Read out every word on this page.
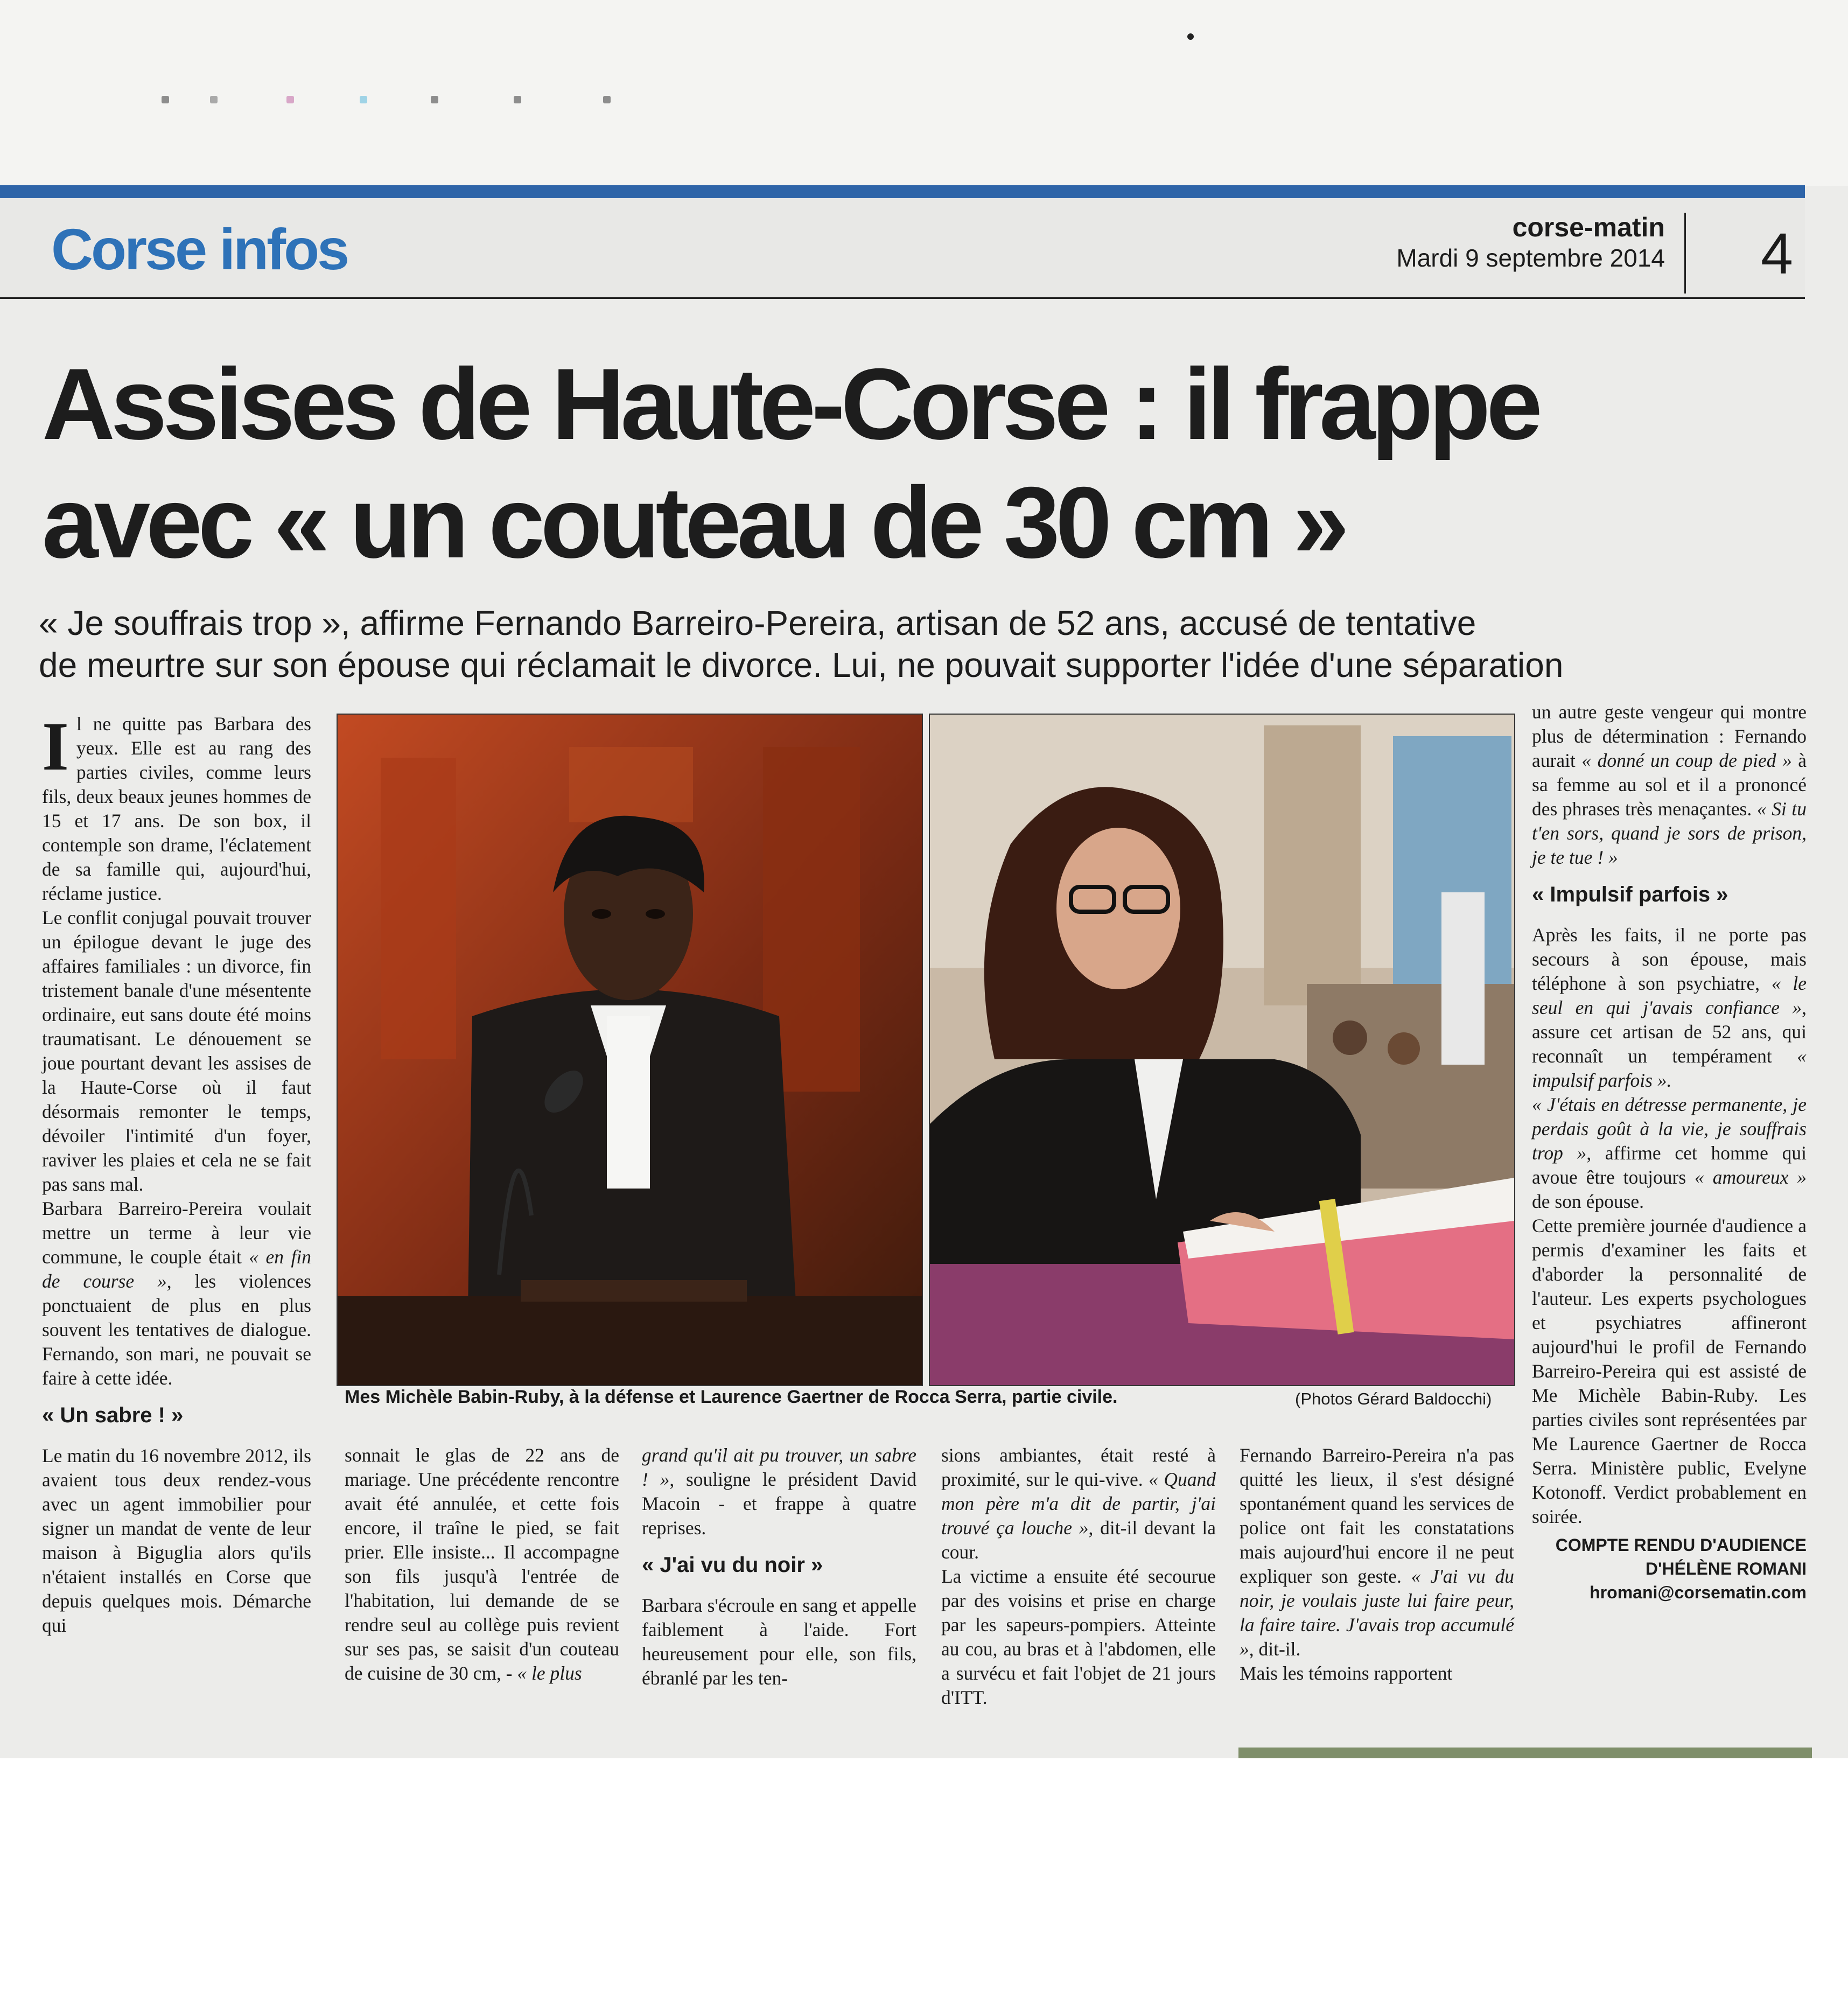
Corse infos	corse-matin
Mardi 9 septembre 2014 4
Assises de Haute-Corse : il frappe
avec « un couteau de 30 cm »
« Je souffrais trop », affirme Fernando Barreiro-Pereira, artisan de 52 ans, accusé de tentative
de meurtre sur son épouse qui réclamait le divorce. Lui, ne pouvait supporter l'idée d'une séparation

Il ne quitte pas Barbara des yeux. Elle est au rang des parties civiles, comme leurs fils, deux beaux jeunes hommes de 15 et 17 ans. De son box, il contemple son drame, l'éclatement de sa famille qui, aujourd'hui, réclame justice.

Le conflit conjugal pouvait trouver un épilogue devant le juge des affaires familiales : un divorce, fin tristement banale d'une mésentente ordinaire, eut sans doute été moins traumatisant. Le dénouement se joue pourtant devant les assises de la Haute-Corse où il faut désormais remonter le temps, dévoiler l'intimité d'un foyer, raviver les plaies et cela ne se fait pas sans mal.

Barbara Barreiro-Pereira voulait mettre un terme à leur vie commune, le couple était « en fin de course », les violences ponctuaient de plus en plus souvent les tentatives de dialogue. Fernando, son mari, ne pouvait se faire à cette idée.

« Un sabre ! »

Le matin du 16 novembre 2012, ils avaient tous deux rendez-vous avec un agent immobilier pour signer un mandat de vente de leur maison à Biguglia alors qu'ils n'étaient installés en Corse que depuis quelques mois. Démarche qui

Mes Michèle Babin-Ruby, à la défense et Laurence Gaertner de Rocca Serra, partie civile.	(Photos Gérard Baldocchi)

sonnait le glas de 22 ans de mariage. Une précédente rencontre avait été annulée, et cette fois encore, il traîne le pied, se fait prier. Elle insiste... Il accompagne son fils jusqu'à l'entrée de l'habitation, lui demande de se rendre seul au collège puis revient sur ses pas, se saisit d'un couteau de cuisine de 30 cm, - « le plus

grand qu'il ait pu trouver, un sabre ! », souligne le président David Macoin - et frappe à quatre reprises.

« J'ai vu du noir »

Barbara s'écroule en sang et appelle faiblement à l'aide. Fort heureusement pour elle, son fils, ébranlé par les ten-

sions ambiantes, était resté à proximité, sur le qui-vive. « Quand mon père m'a dit de partir, j'ai trouvé ça louche », dit-il devant la cour.

La victime a ensuite été secourue par des voisins et prise en charge par les sapeurs-pompiers. Atteinte au cou, au bras et à l'abdomen, elle a survécu et fait l'objet de 21 jours d'ITT.

Fernando Barreiro-Pereira n'a pas quitté les lieux, il s'est désigné spontanément quand les services de police ont fait les constatations mais aujourd'hui encore il ne peut expliquer son geste. « J'ai vu du noir, je voulais juste lui faire peur, la faire taire. J'avais trop accumulé », dit-il.

Mais les témoins rapportent

un autre geste vengeur qui montre plus de détermination : Fernando aurait « donné un coup de pied » à sa femme au sol et il a prononcé des phrases très menaçantes. « Si tu t'en sors, quand je sors de prison, je te tue ! »

« Impulsif parfois »

Après les faits, il ne porte pas secours à son épouse, mais téléphone à son psychiatre, « le seul en qui j'avais confiance », assure cet artisan de 52 ans, qui reconnaît un tempérament « impulsif parfois ».

« J'étais en détresse permanente, je perdais goût à la vie, je souffrais trop », affirme cet homme qui avoue être toujours « amoureux » de son épouse.

Cette première journée d'audience a permis d'examiner les faits et d'aborder la personnalité de l'auteur. Les experts psychologues et psychiatres affineront aujourd'hui le profil de Fernando Barreiro-Pereira qui est assisté de Me Michèle Babin-Ruby. Les parties civiles sont représentées par Me Laurence Gaertner de Rocca Serra. Ministère public, Evelyne Kotonoff. Verdict probablement en soirée.

COMPTE RENDU D'AUDIENCE
D'HÉLÈNE ROMANI
hromani@corsematin.com
